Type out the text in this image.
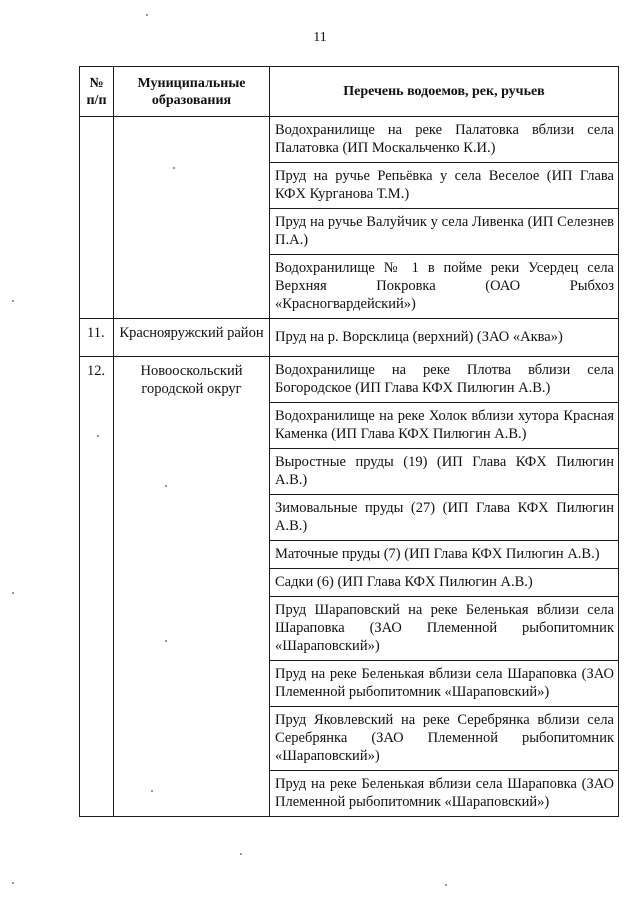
11
№ п/п	Муниципальные образования	Перечень водоемов, рек, ручьев
		Водохранилище на реке Палатовка вблизи села Палатовка (ИП Москальченко К.И.)
		Пруд на ручье Репьёвка у села Веселое (ИП Глава КФХ Курганова Т.М.)
		Пруд на ручье Валуйчик у села Ливенка (ИП Селезнев П.А.)
		Водохранилище № 1 в пойме реки Усердец села Верхняя Покровка (ОАО Рыбхоз «Красногвардейский»)
11.	Краснояружский район	Пруд на р. Ворсклица (верхний) (ЗАО «Аква»)
12.	Новооскольский городской округ	Водохранилище на реке Плотва вблизи села Богородское (ИП Глава КФХ Пилюгин А.В.)
		Водохранилище на реке Холок вблизи хутора Красная Каменка (ИП Глава КФХ Пилюгин А.В.)
		Выростные пруды (19) (ИП Глава КФХ Пилюгин А.В.)
		Зимовальные пруды (27) (ИП Глава КФХ Пилюгин А.В.)
		Маточные пруды (7) (ИП Глава КФХ Пилюгин А.В.)
		Садки (6) (ИП Глава КФХ Пилюгин А.В.)
		Пруд Шараповский на реке Беленькая вблизи села Шараповка (ЗАО Племенной рыбопитомник «Шараповский»)
		Пруд на реке Беленькая вблизи села Шараповка (ЗАО Племенной рыбопитомник «Шараповский»)
		Пруд Яковлевский на реке Серебрянка вблизи села Серебрянка (ЗАО Племенной рыбопитомник «Шараповский»)
		Пруд на реке Беленькая вблизи села Шараповка (ЗАО Племенной рыбопитомник «Шараповский»)
